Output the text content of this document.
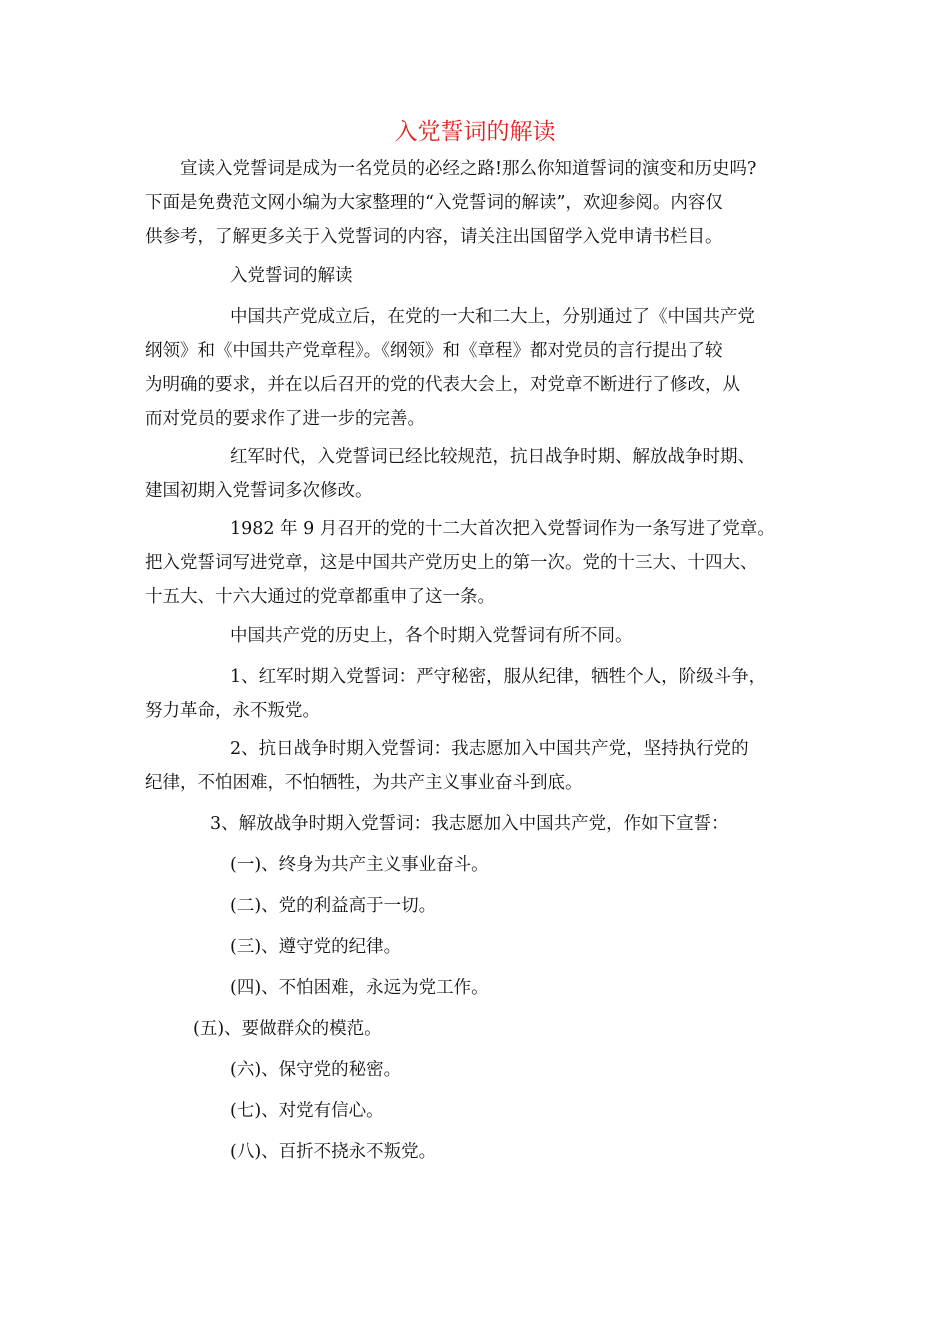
入党誓词的解读
宣读入党誓词是成为一名党员的必经之路!那么你知道誓词的演变和历史吗?
下面是免费范文网小编为大家整理的“入党誓词的解读”，欢迎参阅。内容仅
供参考，了解更多关于入党誓词的内容，请关注出国留学入党申请书栏目。
入党誓词的解读
中国共产党成立后，在党的一大和二大上，分别通过了《中国共产党
纲领》和《中国共产党章程》。《纲领》和《章程》都对党员的言行提出了较
为明确的要求，并在以后召开的党的代表大会上，对党章不断进行了修改，从
而对党员的要求作了进一步的完善。
红军时代，入党誓词已经比较规范，抗日战争时期、解放战争时期、
建国初期入党誓词多次修改。
1982 年 9 月召开的党的十二大首次把入党誓词作为一条写进了党章。
把入党誓词写进党章，这是中国共产党历史上的第一次。党的十三大、十四大、
十五大、十六大通过的党章都重申了这一条。
中国共产党的历史上，各个时期入党誓词有所不同。
1、红军时期入党誓词：严守秘密，服从纪律，牺牲个人，阶级斗争，
努力革命，永不叛党。
2、抗日战争时期入党誓词：我志愿加入中国共产党，坚持执行党的
纪律，不怕困难，不怕牺牲，为共产主义事业奋斗到底。
3、解放战争时期入党誓词：我志愿加入中国共产党，作如下宣誓：
(一)、终身为共产主义事业奋斗。
(二)、党的利益高于一切。
(三)、遵守党的纪律。
(四)、不怕困难，永远为党工作。
(五)、要做群众的模范。
(六)、保守党的秘密。
(七)、对党有信心。
(八)、百折不挠永不叛党。
